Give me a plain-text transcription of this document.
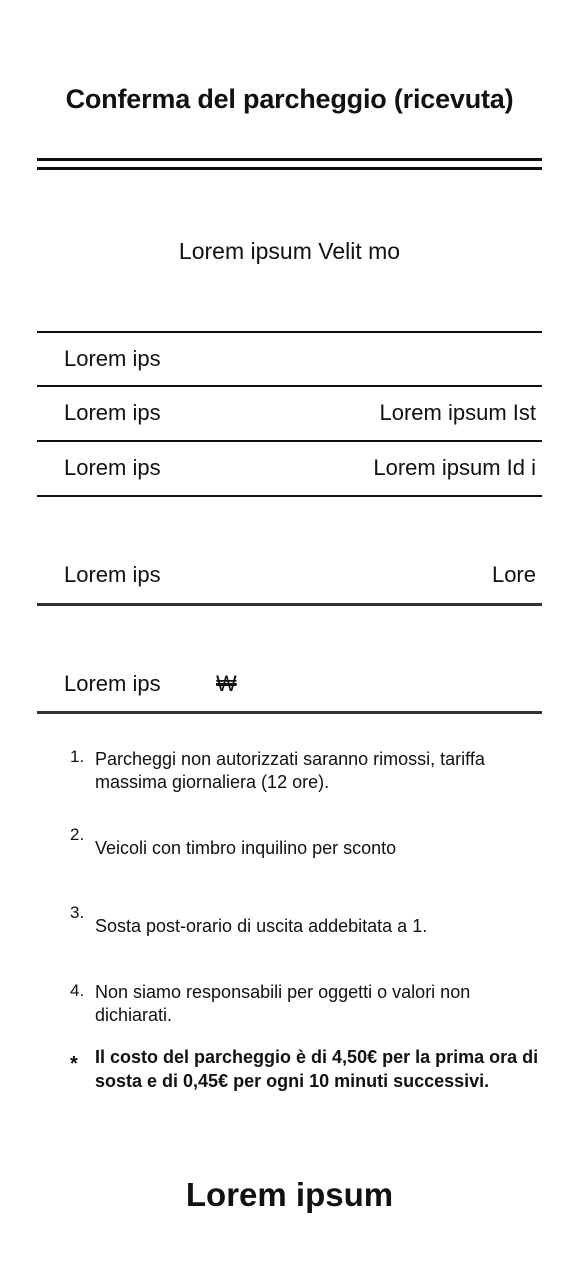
Conferma del parcheggio (ricevuta)
Lorem ipsum Velit mo
Lorem ips
Lorem ips	Lorem ipsum Ist
Lorem ips	Lorem ipsum Id i
Lorem ips	Lore
Lorem ips	₩
1. Parcheggi non autorizzati saranno rimossi, tariffa massima giornaliera (12 ore).
2.
Veicoli con timbro inquilino per sconto
3.
Sosta post-orario di uscita addebitata a 1.
4. Non siamo responsabili per oggetti o valori non dichiarati.
* Il costo del parcheggio è di 4,50€ per la prima ora di sosta e di 0,45€ per ogni 10 minuti successivi.
Lorem ipsum
